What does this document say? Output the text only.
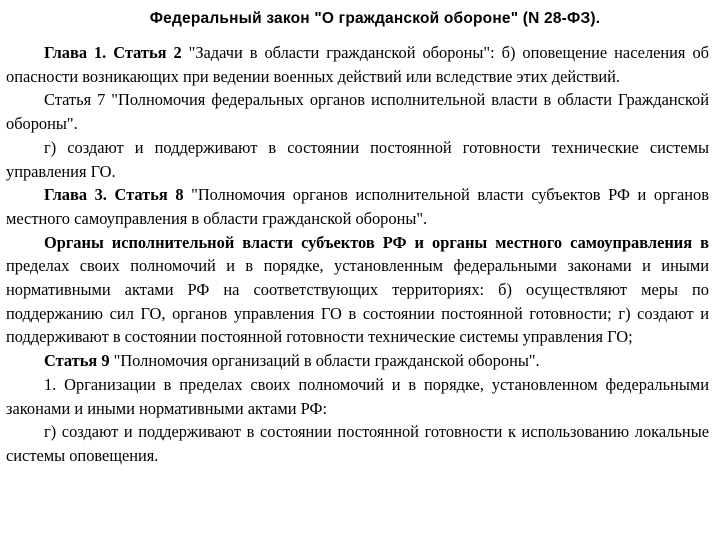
Федеральный закон "О гражданской обороне" (N 28-ФЗ).

Глава 1. Статья 2 "Задачи в области гражданской обороны": б) оповещение населения об опасности возникающих при ведении военных действий или вследствие этих действий.

Статья 7 "Полномочия федеральных органов исполнительной власти в области Гражданской обороны".

г) создают и поддерживают в состоянии постоянной готовности технические системы управления ГО.

Глава 3. Статья 8 "Полномочия органов исполнительной власти субъектов РФ и органов местного самоуправления в области гражданской обороны".

Органы исполнительной власти субъектов РФ и органы местного самоуправления в пределах своих полномочий и в порядке, установленным федеральными законами и иными нормативными актами РФ на соответствующих территориях: б) осуществляют меры по поддержанию сил ГО, органов управления ГО в состоянии постоянной готовности; г) создают и поддерживают в состоянии постоянной готовности технические системы управления ГО;

Статья 9 "Полномочия организаций в области гражданской обороны".

1. Организации в пределах своих полномочий и в порядке, установленном федеральными законами и иными нормативными актами РФ:

г) создают и поддерживают в состоянии постоянной готовности к использованию локальные системы оповещения.
